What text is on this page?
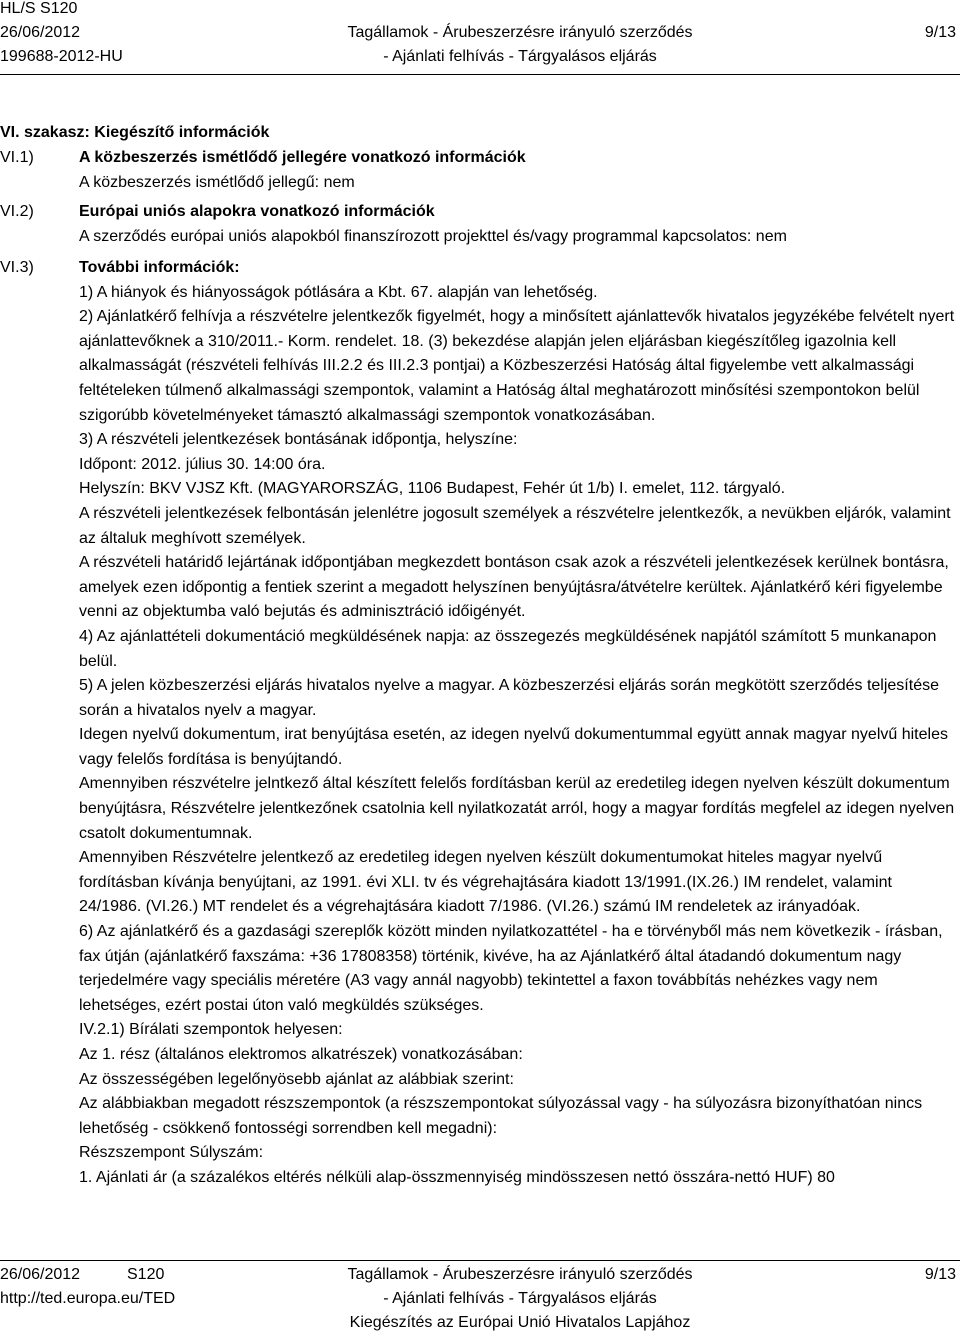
HL/S S120
26/06/2012
199688-2012-HU
Tagállamok - Árubeszerzésre irányuló szerződés
- Ajánlati felhívás - Tárgyalásos eljárás
9/13
VI. szakasz: Kiegészítő információk
VI.1)	A közbeszerzés ismétlődő jellegére vonatkozó információk

A közbeszerzés ismétlődő jellegű: nem

VI.2)	Európai uniós alapokra vonatkozó információk

A szerződés európai uniós alapokból finanszírozott projekttel és/vagy programmal kapcsolatos: nem

VI.3)	További információk:

1) A hiányok és hiányosságok pótlására a Kbt. 67. alapján van lehetőség.

2) Ajánlatkérő felhívja a részvételre jelentkezők figyelmét, hogy a minősített ajánlattevők hivatalos jegyzékébe felvételt nyert ajánlattevőknek a 310/2011.- Korm. rendelet. 18. (3) bekezdése alapján jelen eljárásban kiegészítőleg igazolnia kell alkalmasságát (részvételi felhívás III.2.2 és III.2.3 pontjai) a Közbeszerzési Hatóság által figyelembe vett alkalmassági feltételeken túlmenő alkalmassági szempontok, valamint a Hatóság által meghatározott minősítési szempontokon belül szigorúbb követelményeket támasztó alkalmassági szempontok vonatkozásában.

3) A részvételi jelentkezések bontásának időpontja, helyszíne:

Időpont: 2012. július 30. 14:00 óra.

Helyszín: BKV VJSZ Kft. (MAGYARORSZÁG, 1106 Budapest, Fehér út 1/b) I. emelet, 112. tárgyaló.

A részvételi jelentkezések felbontásán jelenlétre jogosult személyek a részvételre jelentkezők, a nevükben eljárók, valamint az általuk meghívott személyek.

A részvételi határidő lejártának időpontjában megkezdett bontáson csak azok a részvételi jelentkezések kerülnek bontásra, amelyek ezen időpontig a fentiek szerint a megadott helyszínen benyújtásra/átvételre kerültek. Ajánlatkérő kéri figyelembe venni az objektumba való bejutás és adminisztráció időigényét.

4) Az ajánlattételi dokumentáció megküldésének napja: az összegezés megküldésének napjától számított 5 munkanapon belül.

5) A jelen közbeszerzési eljárás hivatalos nyelve a magyar. A közbeszerzési eljárás során megkötött szerződés teljesítése során a hivatalos nyelv a magyar.

Idegen nyelvű dokumentum, irat benyújtása esetén, az idegen nyelvű dokumentummal együtt annak magyar nyelvű hiteles vagy felelős fordítása is benyújtandó.

Amennyiben részvételre jelntkező által készített felelős fordításban kerül az eredetileg idegen nyelven készült dokumentum benyújtásra, Részvételre jelentkezőnek csatolnia kell nyilatkozatát arról, hogy a magyar fordítás megfelel az idegen nyelven csatolt dokumentumnak.

Amennyiben Részvételre jelentkező az eredetileg idegen nyelven készült dokumentumokat hiteles magyar nyelvű fordításban kívánja benyújtani, az 1991. évi XLI. tv és végrehajtására kiadott 13/1991.(IX.26.) IM rendelet, valamint 24/1986. (VI.26.) MT rendelet és a végrehajtására kiadott 7/1986. (VI.26.) számú IM rendeletek az irányadóak.

6) Az ajánlatkérő és a gazdasági szereplők között minden nyilatkozattétel - ha e törvényből más nem következik - írásban, fax útján (ajánlatkérő faxszáma: +36 17808358) történik, kivéve, ha az Ajánlatkérő által átadandó dokumentum nagy terjedelmére vagy speciális méretére (A3 vagy annál nagyobb) tekintettel a faxon továbbítás nehézkes vagy nem lehetséges, ezért postai úton való megküldés szükséges.

IV.2.1) Bírálati szempontok helyesen:

Az 1. rész (általános elektromos alkatrészek) vonatkozásában:

Az összességében legelőnyösebb ajánlat az alábbiak szerint:

Az alábbiakban megadott részszempontok (a részszempontokat súlyozással vagy - ha súlyozásra bizonyíthatóan nincs lehetőség - csökkenő fontosségi sorrendben kell megadni):

Részszempont Súlyszám:

1. Ajánlati ár (a százalékos eltérés nélküli alap-összmennyiség mindösszesen nettó összára-nettó HUF) 80

26/06/2012	S120
http://ted.europa.eu/TED
Tagállamok - Árubeszerzésre irányuló szerződés
- Ajánlati felhívás - Tárgyalásos eljárás
Kiegészítés az Európai Unió Hivatalos Lapjához
9/13
